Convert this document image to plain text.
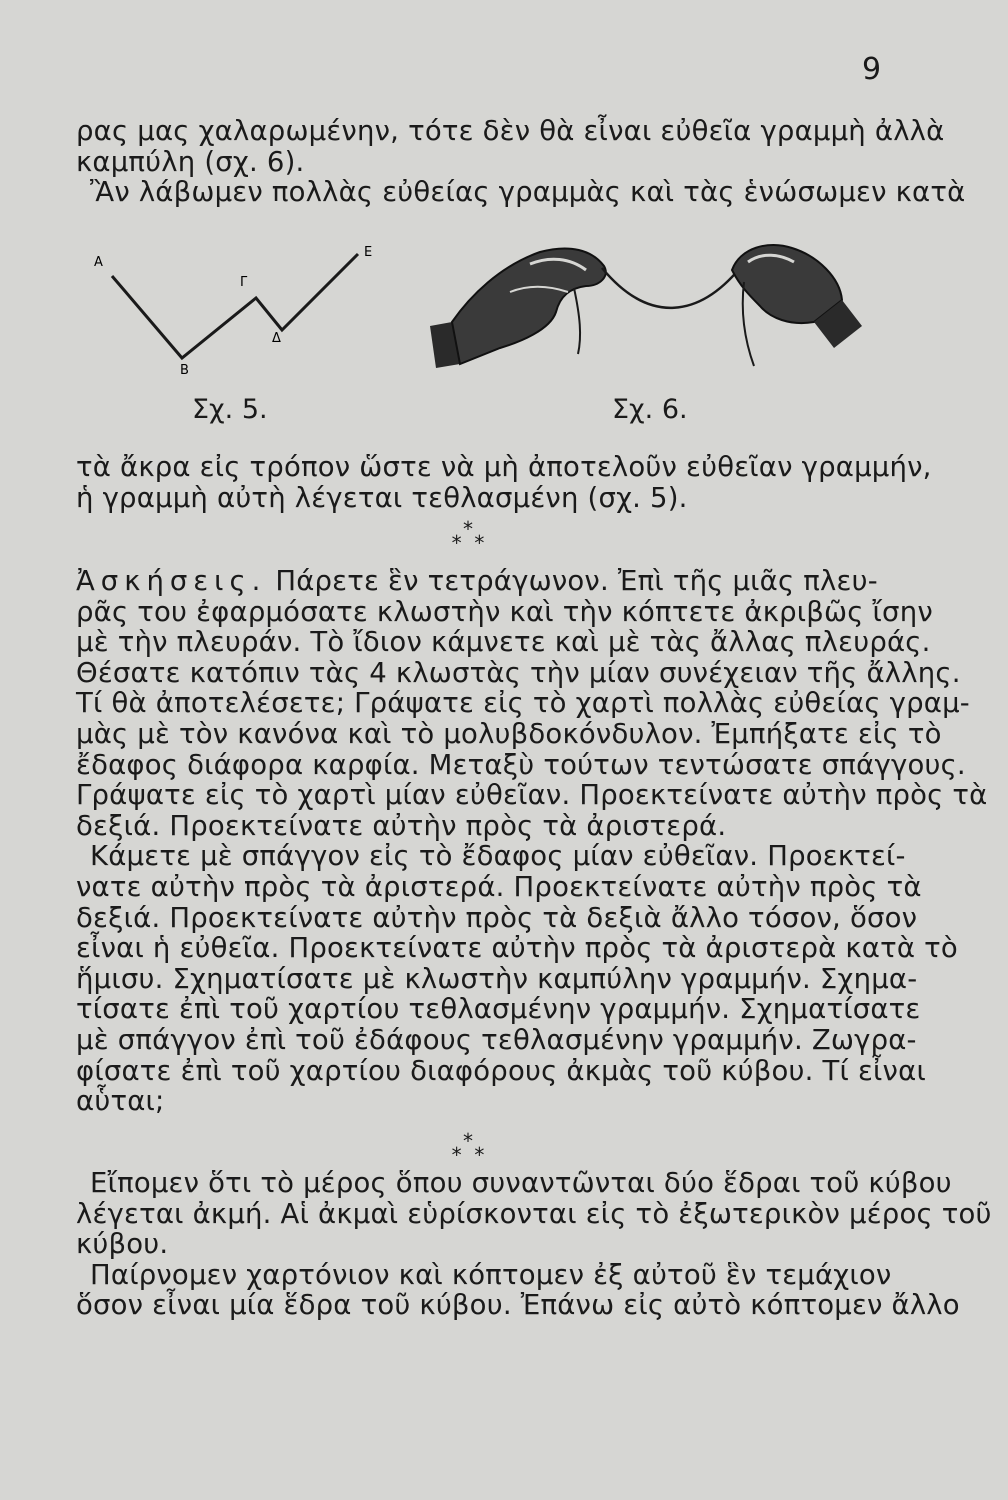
9
ρας μας χαλαρωμένην, τότε δὲν θὰ εἶναι εὐθεῖα γραμμὴ ἀλλὰ
καμπύλη (σχ. 6).
Ἂν λάβωμεν πολλὰς εὐθείας γραμμὰς καὶ τὰς ἑνώσωμεν κατὰ
Α
Β
Γ
Δ
Ε
Σχ. 5.	Σχ. 6.
τὰ ἄκρα εἰς τρόπον ὥστε νὰ μὴ ἀποτελοῦν εὐθεῖαν γραμμήν,
ἡ γραμμὴ αὐτὴ λέγεται τεθλασμένη (σχ. 5).
*
* *
Ἀσκήσεις. Πάρετε ἓν τετράγωνον. Ἐπὶ τῆς μιᾶς πλευ-
ρᾶς του ἐφαρμόσατε κλωστὴν καὶ τὴν κόπτετε ἀκριβῶς ἴσην
μὲ τὴν πλευράν. Τὸ ἴδιον κάμνετε καὶ μὲ τὰς ἄλλας πλευράς.
Θέσατε κατόπιν τὰς 4 κλωστὰς τὴν μίαν συνέχειαν τῆς ἄλλης.
Τί θὰ ἀποτελέσετε; Γράψατε εἰς τὸ χαρτὶ πολλὰς εὐθείας γραμ-
μὰς μὲ τὸν κανόνα καὶ τὸ μολυβδοκόνδυλον. Ἐμπήξατε εἰς τὸ
ἔδαφος διάφορα καρφία. Μεταξὺ τούτων τεντώσατε σπάγγους.
Γράψατε εἰς τὸ χαρτὶ μίαν εὐθεῖαν. Προεκτείνατε αὐτὴν πρὸς τὰ
δεξιά. Προεκτείνατε αὐτὴν πρὸς τὰ ἀριστερά.
Κάμετε μὲ σπάγγον εἰς τὸ ἔδαφος μίαν εὐθεῖαν. Προεκτεί-
νατε αὐτὴν πρὸς τὰ ἀριστερά. Προεκτείνατε αὐτὴν πρὸς τὰ
δεξιά. Προεκτείνατε αὐτὴν πρὸς τὰ δεξιὰ ἄλλο τόσον, ὅσον
εἶναι ἡ εὐθεῖα. Προεκτείνατε αὐτὴν πρὸς τὰ ἀριστερὰ κατὰ τὸ
ἥμισυ. Σχηματίσατε μὲ κλωστὴν καμπύλην γραμμήν. Σχημα-
τίσατε ἐπὶ τοῦ χαρτίου τεθλασμένην γραμμήν. Σχηματίσατε
μὲ σπάγγον ἐπὶ τοῦ ἐδάφους τεθλασμένην γραμμήν. Ζωγρα-
φίσατε ἐπὶ τοῦ χαρτίου διαφόρους ἀκμὰς τοῦ κύβου. Τί εἶναι
αὗται;
*
* *
Εἴπομεν ὅτι τὸ μέρος ὅπου συναντῶνται δύο ἕδραι τοῦ κύβου
λέγεται ἀκμή. Αἱ ἀκμαὶ εὑρίσκονται εἰς τὸ ἐξωτερικὸν μέρος τοῦ
κύβου.
Παίρνομεν χαρτόνιον καὶ κόπτομεν ἐξ αὐτοῦ ἓν τεμάχιον
ὅσον εἶναι μία ἕδρα τοῦ κύβου. Ἐπάνω εἰς αὐτὸ κόπτομεν ἄλλο
